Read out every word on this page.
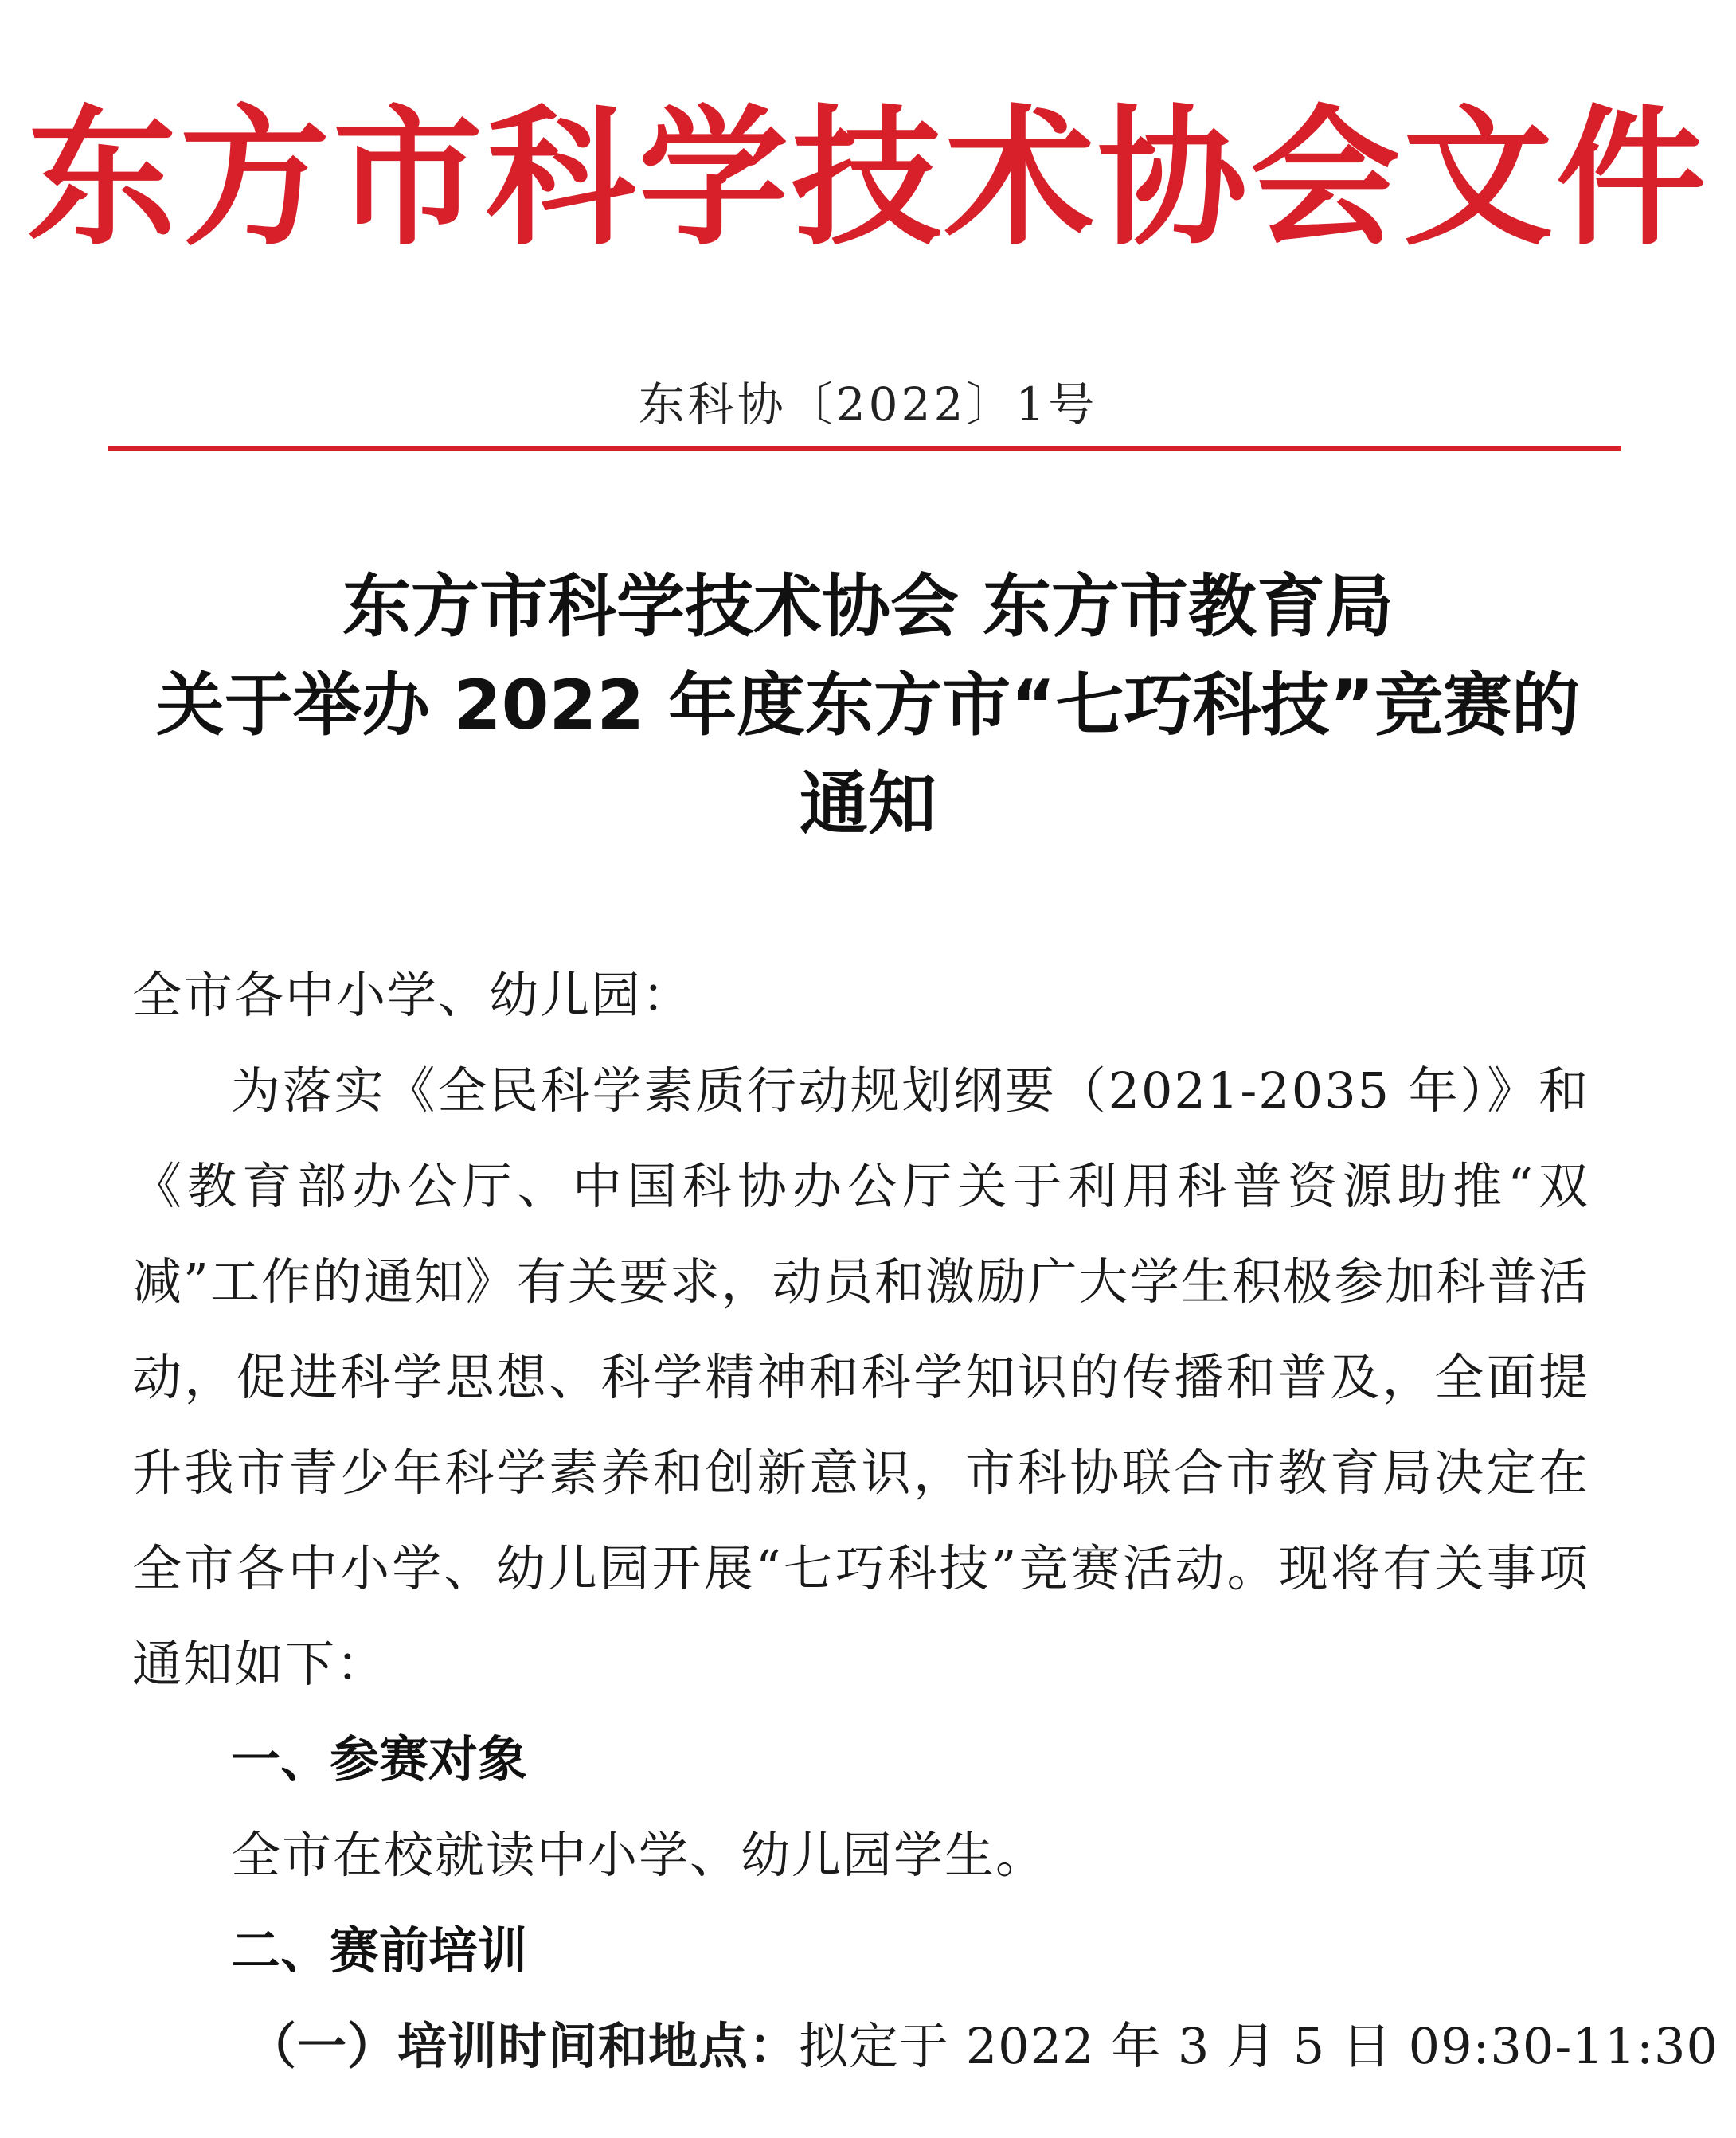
东方市科学技术协会文件
东科协〔2022〕1号
东方市科学技术协会 东方市教育局
关于举办 2022 年度东方市“七巧科技”竞赛的
通知
全市各中小学、幼儿园：
为落实《全民科学素质行动规划纲要（2021-2035 年）》和《教育部办公厅、中国科协办公厅关于利用科普资源助推“双减”工作的通知》有关要求，动员和激励广大学生积极参加科普活动，促进科学思想、科学精神和科学知识的传播和普及，全面提升我市青少年科学素养和创新意识，市科协联合市教育局决定在全市各中小学、幼儿园开展“七巧科技”竞赛活动。现将有关事项通知如下：
一、参赛对象
全市在校就读中小学、幼儿园学生。
二、赛前培训
（一）培训时间和地点：拟定于 2022 年 3 月 5 日 09:30-11:30
